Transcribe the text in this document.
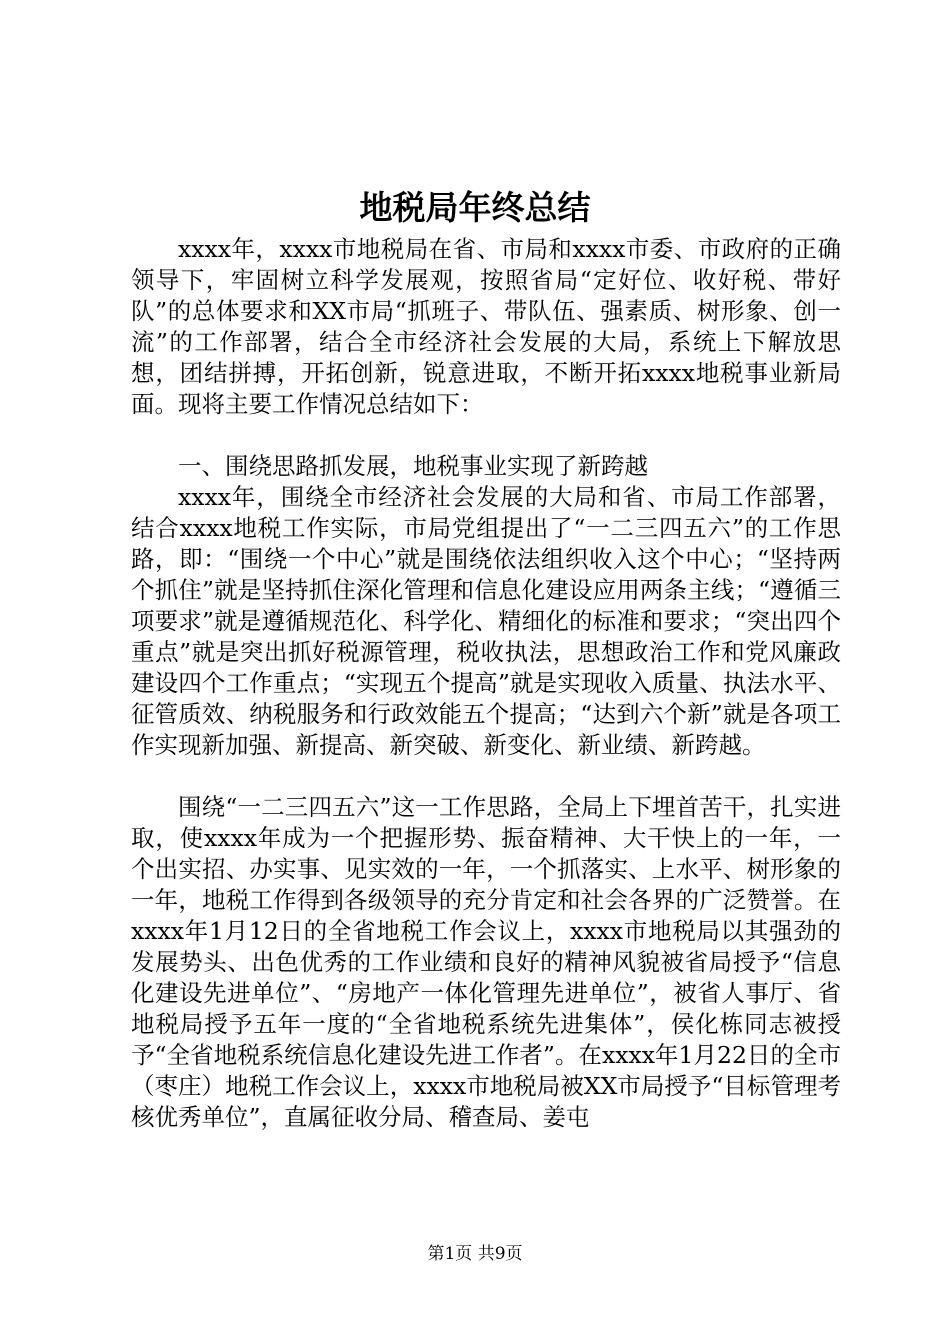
地税局年终总结

xxxx年，xxxx市地税局在省、市局和xxxx市委、市政府的正确领导下，牢固树立科学发展观，按照省局“定好位、收好税、带好队”的总体要求和XX市局“抓班子、带队伍、强素质、树形象、创一流”的工作部署，结合全市经济社会发展的大局，系统上下解放思想，团结拼搏，开拓创新，锐意进取，不断开拓xxxx地税事业新局面。现将主要工作情况总结如下：

一、围绕思路抓发展，地税事业实现了新跨越

xxxx年，围绕全市经济社会发展的大局和省、市局工作部署，结合xxxx地税工作实际，市局党组提出了“一二三四五六”的工作思路，即：“围绕一个中心”就是围绕依法组织收入这个中心；“坚持两个抓住”就是坚持抓住深化管理和信息化建设应用两条主线；“遵循三项要求”就是遵循规范化、科学化、精细化的标准和要求；“突出四个重点”就是突出抓好税源管理，税收执法，思想政治工作和党风廉政建设四个工作重点；“实现五个提高”就是实现收入质量、执法水平、征管质效、纳税服务和行政效能五个提高；“达到六个新”就是各项工作实现新加强、新提高、新突破、新变化、新业绩、新跨越。

围绕“一二三四五六”这一工作思路，全局上下埋首苦干，扎实进取，使xxxx年成为一个把握形势、振奋精神、大干快上的一年，一个出实招、办实事、见实效的一年，一个抓落实、上水平、树形象的一年，地税工作得到各级领导的充分肯定和社会各界的广泛赞誉。在xxxx年1月12日的全省地税工作会议上，xxxx市地税局以其强劲的发展势头、出色优秀的工作业绩和良好的精神风貌被省局授予“信息化建设先进单位”、“房地产一体化管理先进单位”，被省人事厅、省地税局授予五年一度的“全省地税系统先进集体”，侯化栋同志被授予“全省地税系统信息化建设先进工作者”。在xxxx年1月22日的全市（枣庄）地税工作会议上，xxxx市地税局被XX市局授予“目标管理考核优秀单位”，直属征收分局、稽查局、姜屯

第1页 共9页
